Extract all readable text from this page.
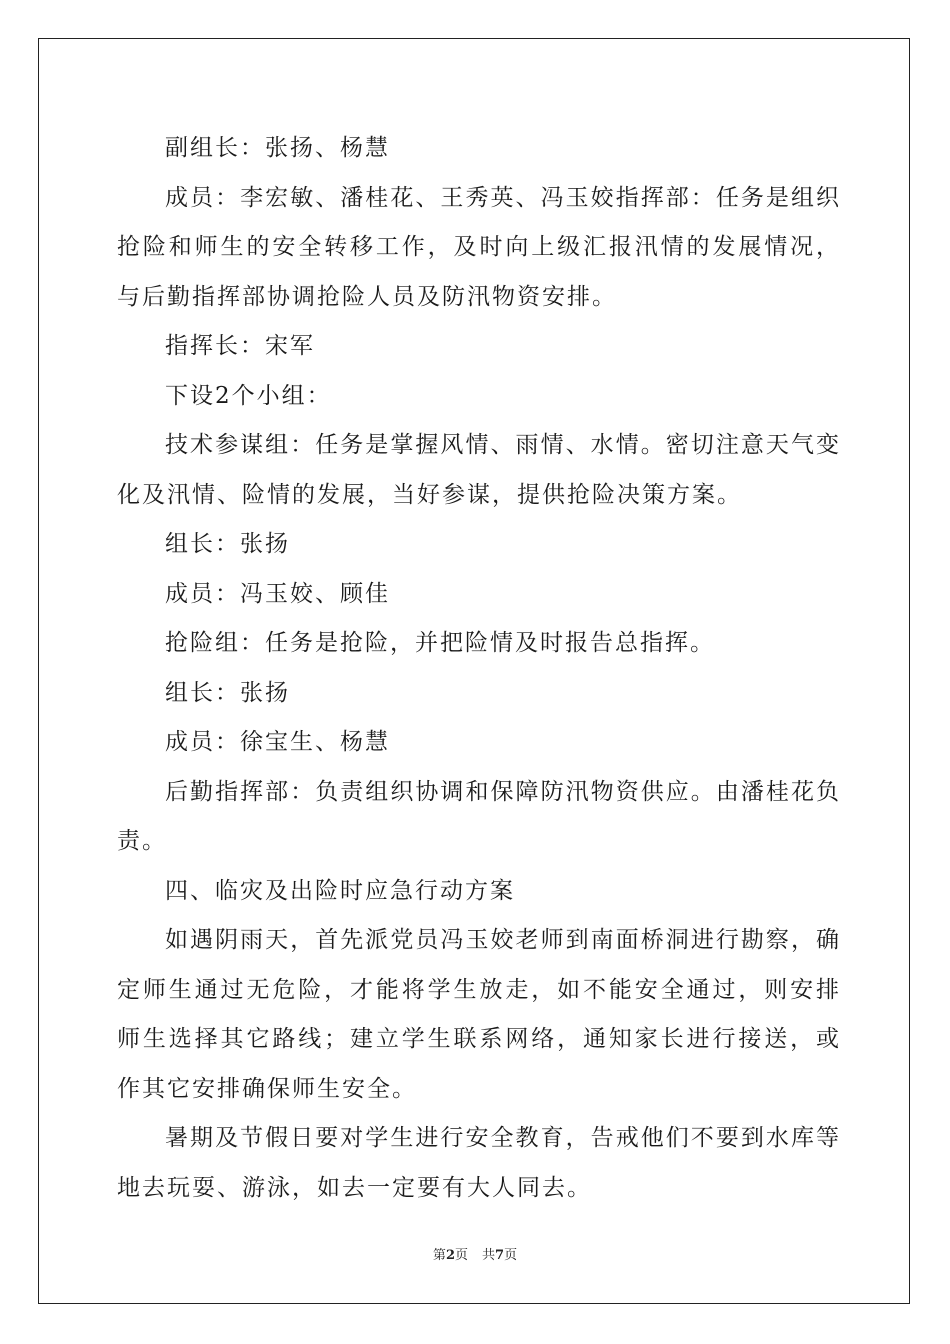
副组长：张扬、杨慧

成员：李宏敏、潘桂花、王秀英、冯玉姣指挥部：任务是组织抢险和师生的安全转移工作，及时向上级汇报汛情的发展情况，与后勤指挥部协调抢险人员及防汛物资安排。

指挥长：宋军

下设2个小组：

技术参谋组：任务是掌握风情、雨情、水情。密切注意天气变化及汛情、险情的发展，当好参谋，提供抢险决策方案。

组长：张扬

成员：冯玉姣、顾佳

抢险组：任务是抢险，并把险情及时报告总指挥。

组长：张扬

成员：徐宝生、杨慧

后勤指挥部：负责组织协调和保障防汛物资供应。由潘桂花负责。

四、临灾及出险时应急行动方案

如遇阴雨天，首先派党员冯玉姣老师到南面桥洞进行勘察，确定师生通过无危险，才能将学生放走，如不能安全通过，则安排师生选择其它路线；建立学生联系网络，通知家长进行接送，或作其它安排确保师生安全。

暑期及节假日要对学生进行安全教育，告戒他们不要到水库等地去玩耍、游泳，如去一定要有大人同去。

第2页 共7页
